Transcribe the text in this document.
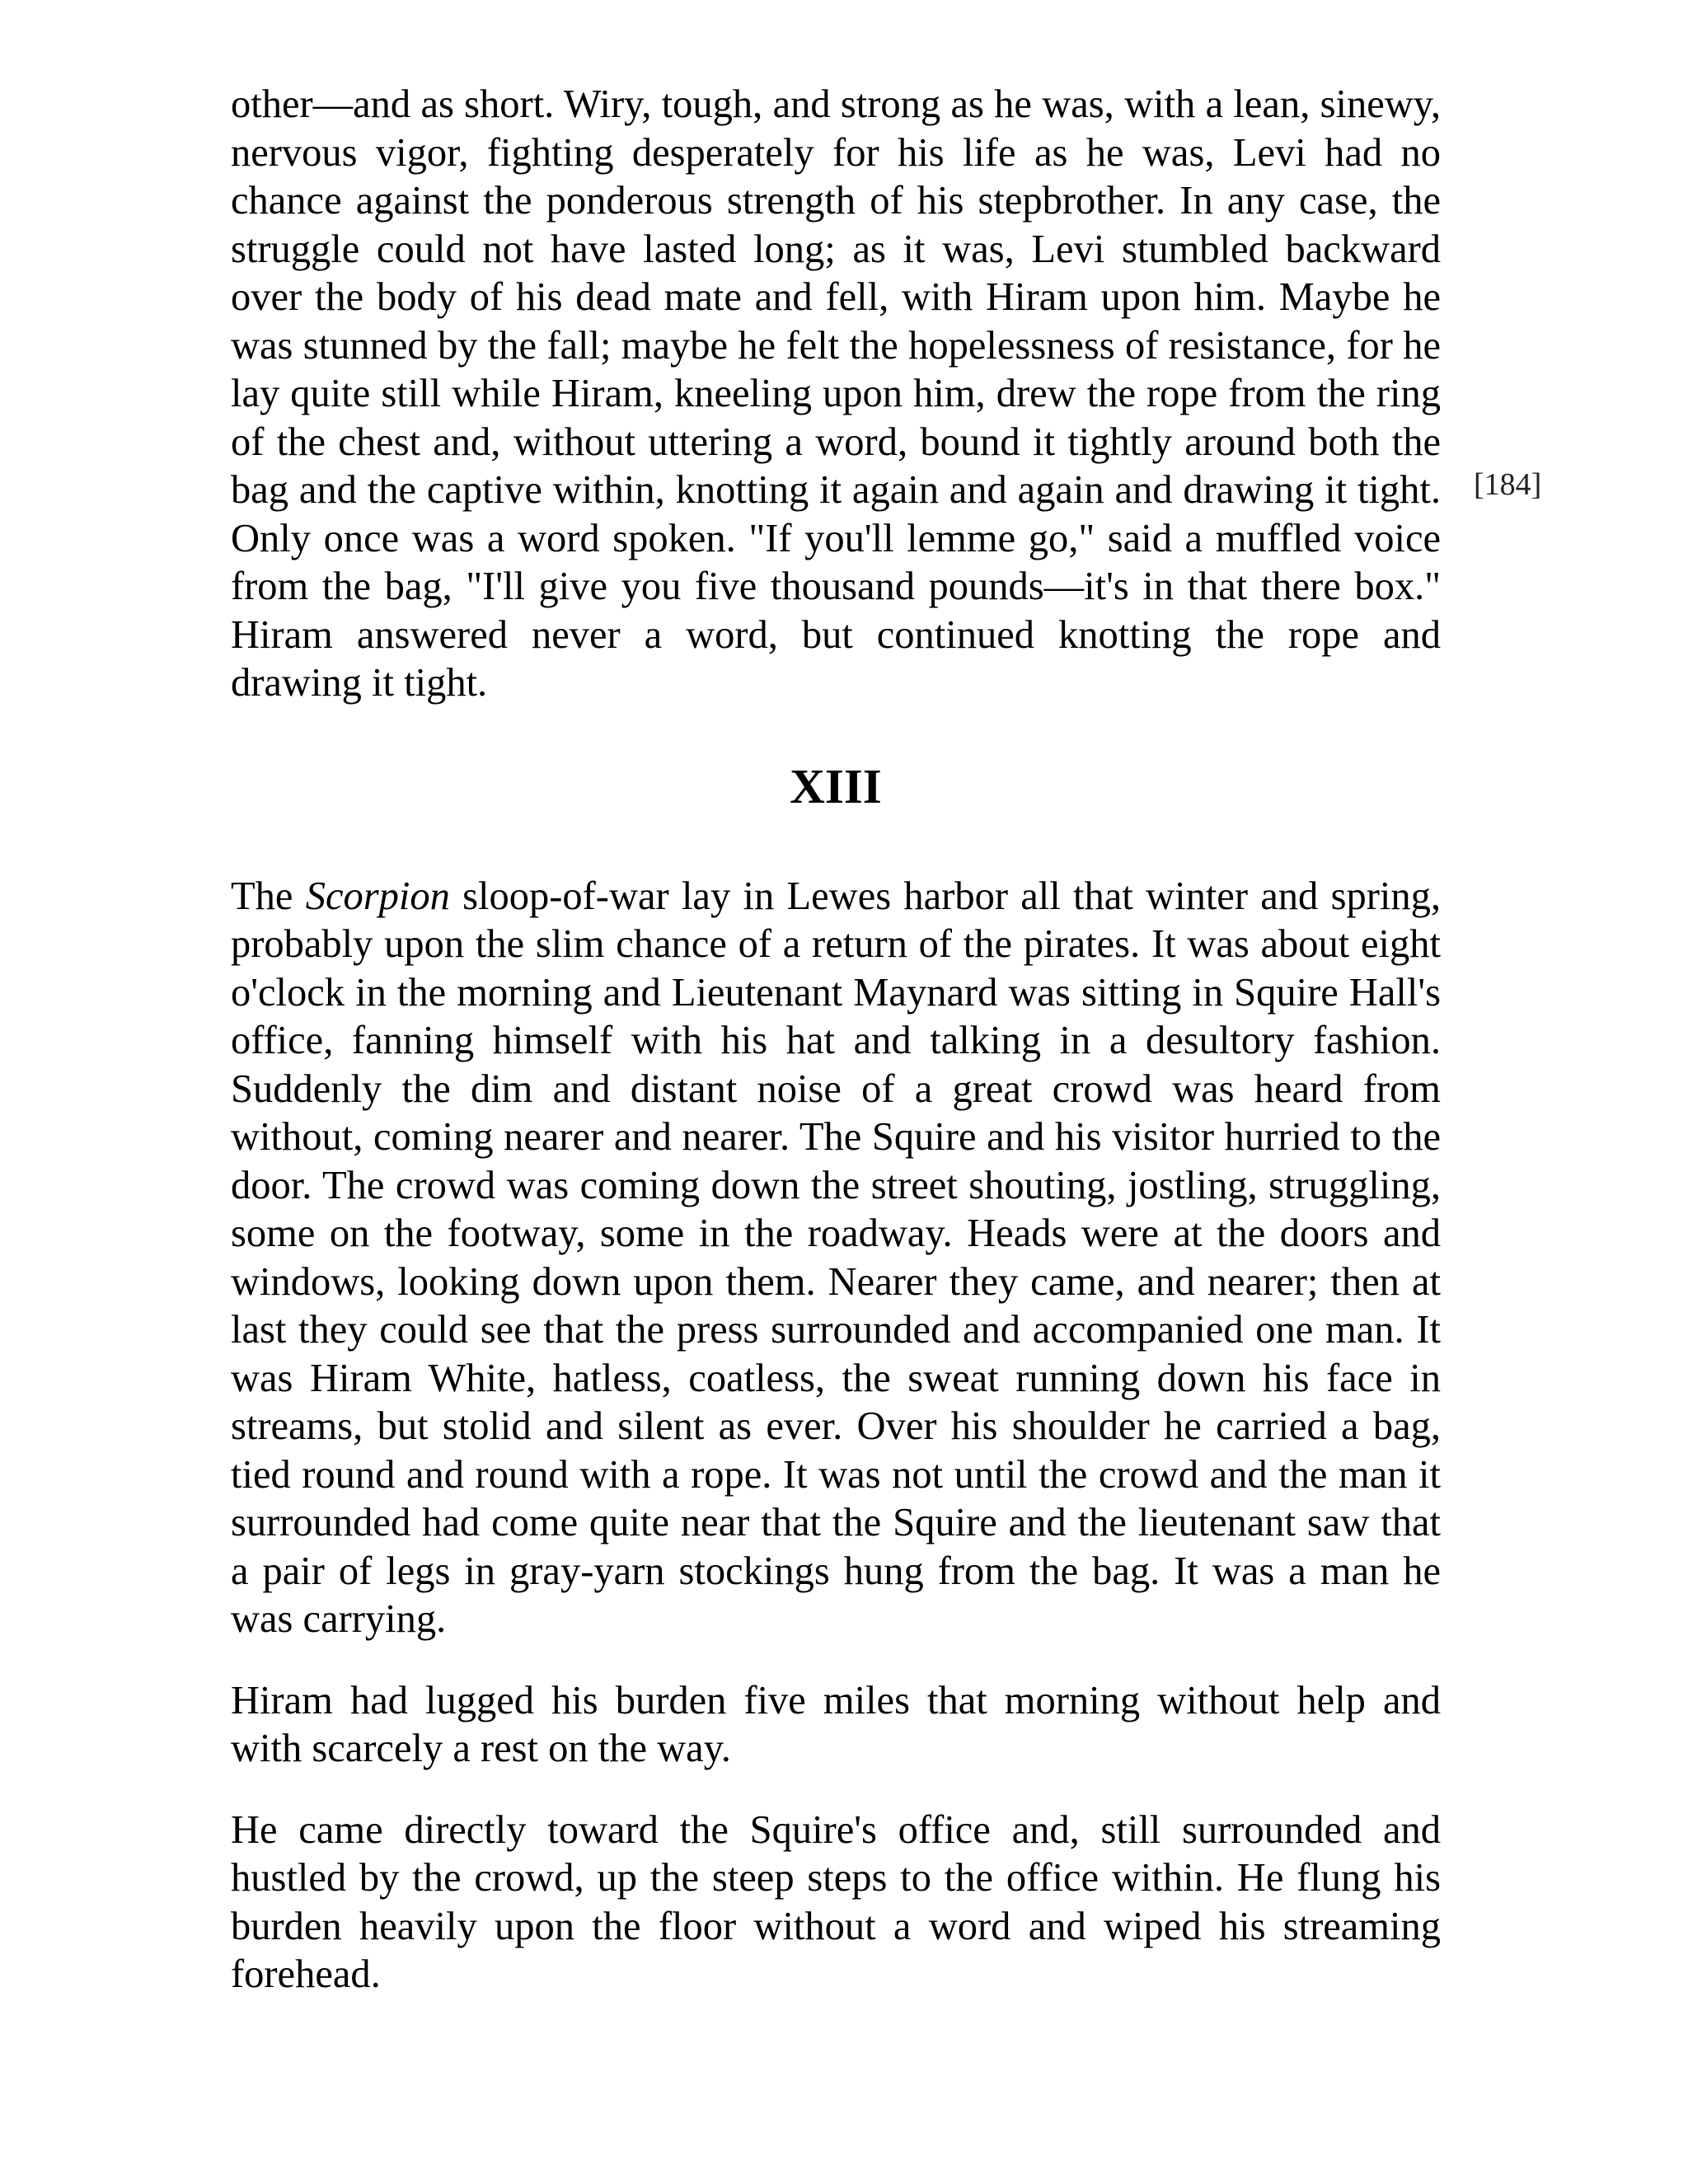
other—and as short. Wiry, tough, and strong as he was, with a lean, sinewy, nervous vigor, fighting desperately for his life as he was, Levi had no chance against the ponderous strength of his stepbrother. In any case, the struggle could not have lasted long; as it was, Levi stumbled backward over the body of his dead mate and fell, with Hiram upon him. Maybe he was stunned by the fall; maybe he felt the hopelessness of resistance, for he lay quite still while Hiram, kneeling upon him, drew the rope from the ring of the chest and, without uttering a word, bound it tightly around both the bag and the captive within, knotting it again and again and drawing it tight. Only once was a word spoken. "If you'll lemme go," said a muffled voice from the bag, "I'll give you five thousand pounds—it's in that there box." Hiram answered never a word, but continued knotting the rope and drawing it tight.

XIII

The Scorpion sloop-of-war lay in Lewes harbor all that winter and spring, probably upon the slim chance of a return of the pirates. It was about eight o'clock in the morning and Lieutenant Maynard was sitting in Squire Hall's office, fanning himself with his hat and talking in a desultory fashion. Suddenly the dim and distant noise of a great crowd was heard from without, coming nearer and nearer. The Squire and his visitor hurried to the door. The crowd was coming down the street shouting, jostling, struggling, some on the footway, some in the roadway. Heads were at the doors and windows, looking down upon them. Nearer they came, and nearer; then at last they could see that the press surrounded and accompanied one man. It was Hiram White, hatless, coatless, the sweat running down his face in streams, but stolid and silent as ever. Over his shoulder he carried a bag, tied round and round with a rope. It was not until the crowd and the man it surrounded had come quite near that the Squire and the lieutenant saw that a pair of legs in gray-yarn stockings hung from the bag. It was a man he was carrying.

Hiram had lugged his burden five miles that morning without help and with scarcely a rest on the way.

He came directly toward the Squire's office and, still surrounded and hustled by the crowd, up the steep steps to the office within. He flung his burden heavily upon the floor without a word and wiped his streaming forehead.

[184]
